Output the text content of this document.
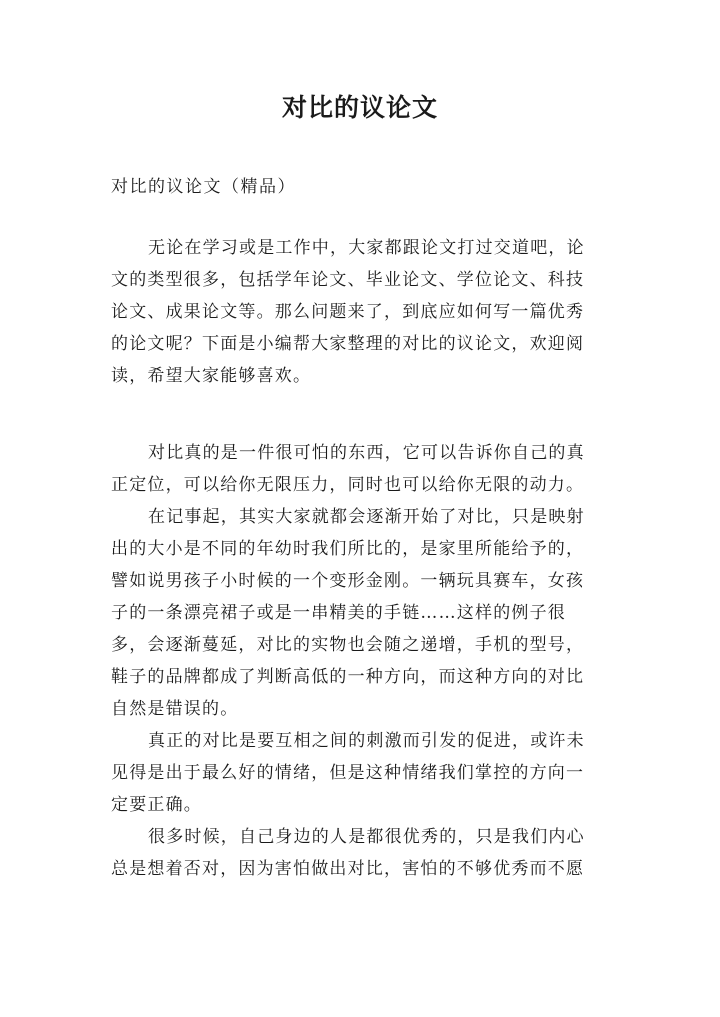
对比的议论文
对比的议论文（精品）
无论在学习或是工作中，大家都跟论文打过交道吧，论
文的类型很多，包括学年论文、毕业论文、学位论文、科技
论文、成果论文等。那么问题来了，到底应如何写一篇优秀
的论文呢？下面是小编帮大家整理的对比的议论文，欢迎阅
读，希望大家能够喜欢。
对比真的是一件很可怕的东西，它可以告诉你自己的真
正定位，可以给你无限压力，同时也可以给你无限的动力。
在记事起，其实大家就都会逐渐开始了对比，只是映射
出的大小是不同的年幼时我们所比的，是家里所能给予的，
譬如说男孩子小时候的一个变形金刚。一辆玩具赛车，女孩
子的一条漂亮裙子或是一串精美的手链……这样的例子很
多，会逐渐蔓延，对比的实物也会随之递增，手机的型号，
鞋子的品牌都成了判断高低的一种方向，而这种方向的对比
自然是错误的。
真正的对比是要互相之间的刺激而引发的促进，或许未
见得是出于最么好的情绪，但是这种情绪我们掌控的方向一
定要正确。
很多时候，自己身边的人是都很优秀的，只是我们内心
总是想着否对，因为害怕做出对比，害怕的不够优秀而不愿
